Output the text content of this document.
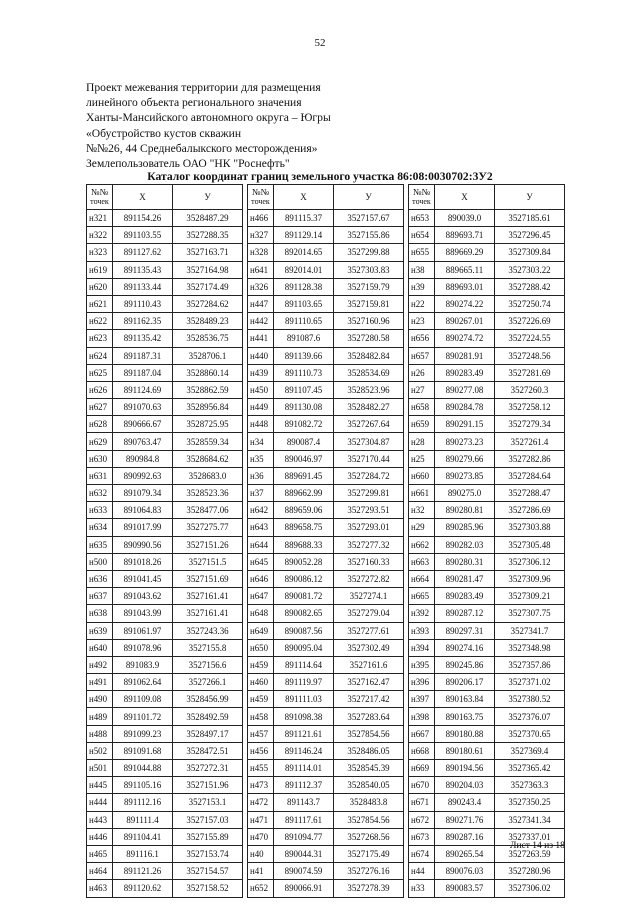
52
Проект межевания территории для размещения
линейного объекта регионального значения
Ханты-Мансийского автономного округа – Югры
«Обустройство кустов скважин
№№26, 44 Среднебалыкского месторождения»
Землепользователь ОАО "НК "Роснефть"
Каталог координат границ земельного участка 86:08:0030702:3У2
№№
точек	X	У
н321	891154.26	3528487.29
н322	891103.55	3527288.35
н323	891127.62	3527163.71
н619	891135.43	3527164.98
н620	891133.44	3527174.49
н621	891110.43	3527284.62
н622	891162.35	3528489.23
н623	891135.42	3528536.75
н624	891187.31	3528706.1
н625	891187.04	3528860.14
н626	891124.69	3528862.59
н627	891070.63	3528956.84
н628	890666.67	3528725.95
н629	890763.47	3528559.34
н630	890984.8	3528684.62
н631	890992.63	3528683.0
н632	891079.34	3528523.36
н633	891064.83	3528477.06
н634	891017.99	3527275.77
н635	890990.56	3527151.26
н500	891018.26	3527151.5
н636	891041.45	3527151.69
н637	891043.62	3527161.41
н638	891043.99	3527161.41
н639	891061.97	3527243.36
н640	891078.96	3527155.8
н492	891083.9	3527156.6
н491	891062.64	3527266.1
н490	891109.08	3528456.99
н489	891101.72	3528492.59
н488	891099.23	3528497.17
н502	891091.68	3528472.51
н501	891044.88	3527272.31
н445	891105.16	3527151.96
н444	891112.16	3527153.1
н443	891111.4	3527157.03
н446	891104.41	3527155.89
н465	891116.1	3527153.74
н464	891121.26	3527154.57
н463	891120.62	3527158.52
№№
точек	X	У
н466	891115.37	3527157.67
н327	891129.14	3527155.86
н328	892014.65	3527299.88
н641	892014.01	3527303.83
н326	891128.38	3527159.79
н447	891103.65	3527159.81
н442	891110.65	3527160.96
н441	891087.6	3527280.58
н440	891139.66	3528482.84
н439	891110.73	3528534.69
н450	891107.45	3528523.96
н449	891130.08	3528482.27
н448	891082.72	3527267.64
н34	890087.4	3527304.87
н35	890046.97	3527170.44
н36	889691.45	3527284.72
н37	889662.99	3527299.81
н642	889659.06	3527293.51
н643	889658.75	3527293.01
н644	889688.33	3527277.32
н645	890052.28	3527160.33
н646	890086.12	3527272.82
н647	890081.72	3527274.1
н648	890082.65	3527279.04
н649	890087.56	3527277.61
н650	890095.04	3527302.49
н459	891114.64	3527161.6
н460	891119.97	3527162.47
н459	891111.03	3527217.42
н458	891098.38	3527283.64
н457	891121.61	3527854.56
н456	891146.24	3528486.05
н455	891114.01	3528545.39
н473	891112.37	3528540.05
н472	891143.7	3528483.8
н471	891117.61	3527854.56
н470	891094.77	3527268.56
н40	890044.31	3527175.49
н41	890074.59	3527276.16
н652	890066.91	3527278.39
№№
точек	X	У
н653	890039.0	3527185.61
н654	889693.71	3527296.45
н655	889669.29	3527309.84
н38	889665.11	3527303.22
н39	889693.01	3527288.42
н22	890274.22	3527250.74
н23	890267.01	3527226.69
н656	890274.72	3527224.55
н657	890281.91	3527248.56
н26	890283.49	3527281.69
н27	890277.08	3527260.3
н658	890284.78	3527258.12
н659	890291.15	3527279.34
н28	890273.23	3527261.4
н25	890279.66	3527282.86
н660	890273.85	3527284.64
н661	890275.0	3527288.47
н32	890280.81	3527286.69
н29	890285.96	3527303.88
н662	890282.03	3527305.48
н663	890280.31	3527306.12
н664	890281.47	3527309.96
н665	890283.49	3527309.21
н392	890287.12	3527307.75
н393	890297.31	3527341.7
н394	890274.16	3527348.98
н395	890245.86	3527357.86
н396	890206.17	3527371.02
н397	890163.84	3527380.52
н398	890163.75	3527376.07
н667	890180.88	3527370.65
н668	890180.61	3527369.4
н669	890194.56	3527365.42
н670	890204.03	3527363.3
н671	890243.4	3527350.25
н672	890271.76	3527341.34
н673	890287.16	3527337.01
н674	890265.54	3527263.59
н44	890076.03	3527280.96
н33	890083.57	3527306.02
Лист 14 из 18
